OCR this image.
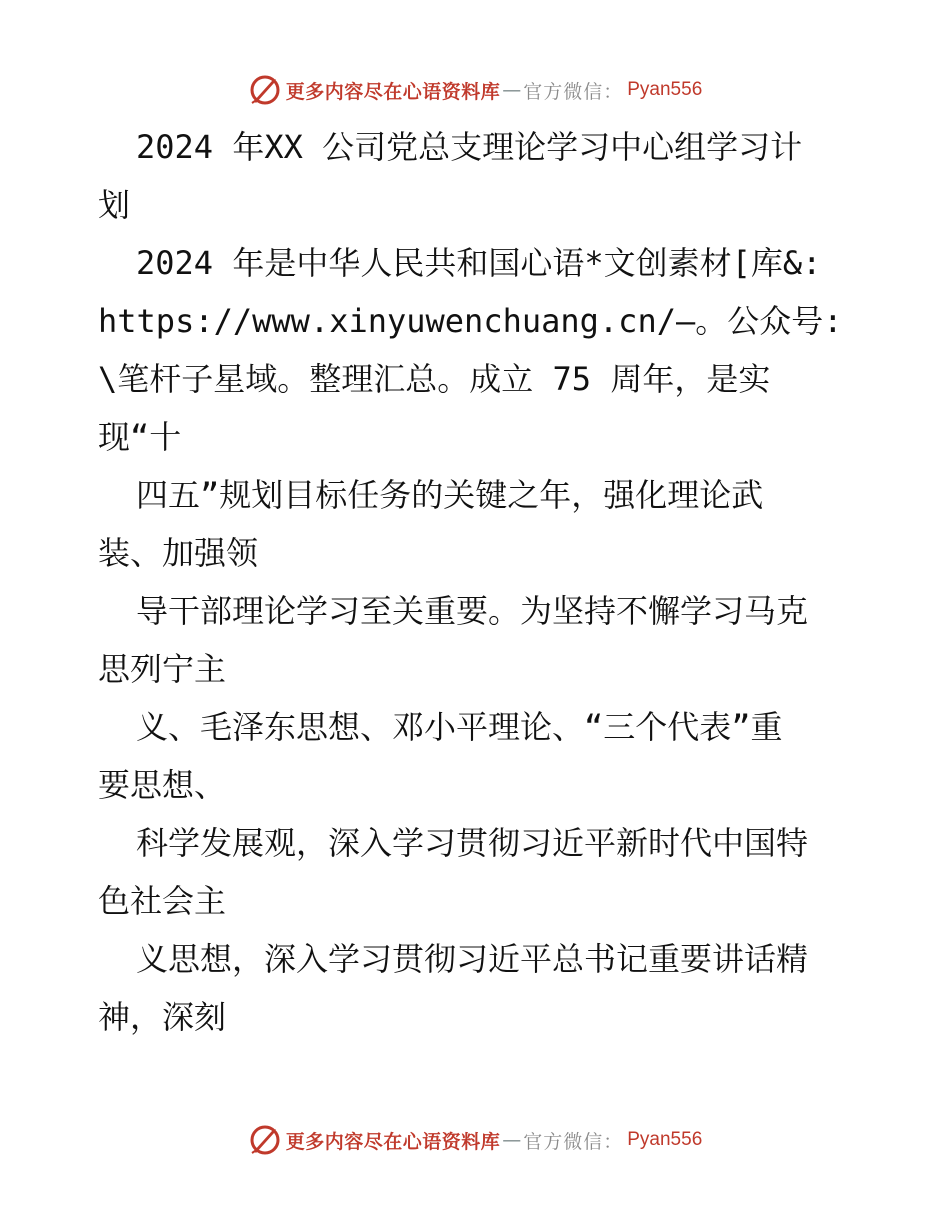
更多内容尽在心语资料库 — 官方微信： Pyan556
2024 年XX 公司党总支理论学习中心组学习计
划
2024 年是中华人民共和国心语*文创素材[库&:
https://www.xinyuwenchuang.cn/—。公众号:
\笔杆子星域。整理汇总。成立 75 周年，是实
现“十
四五”规划目标任务的关键之年，强化理论武
装、加强领
导干部理论学习至关重要。为坚持不懈学习马克
思列宁主
义、毛泽东思想、邓小平理论、“三个代表”重
要思想、
科学发展观，深入学习贯彻习近平新时代中国特
色社会主
义思想，深入学习贯彻习近平总书记重要讲话精
神，深刻
更多内容尽在心语资料库 — 官方微信： Pyan556
